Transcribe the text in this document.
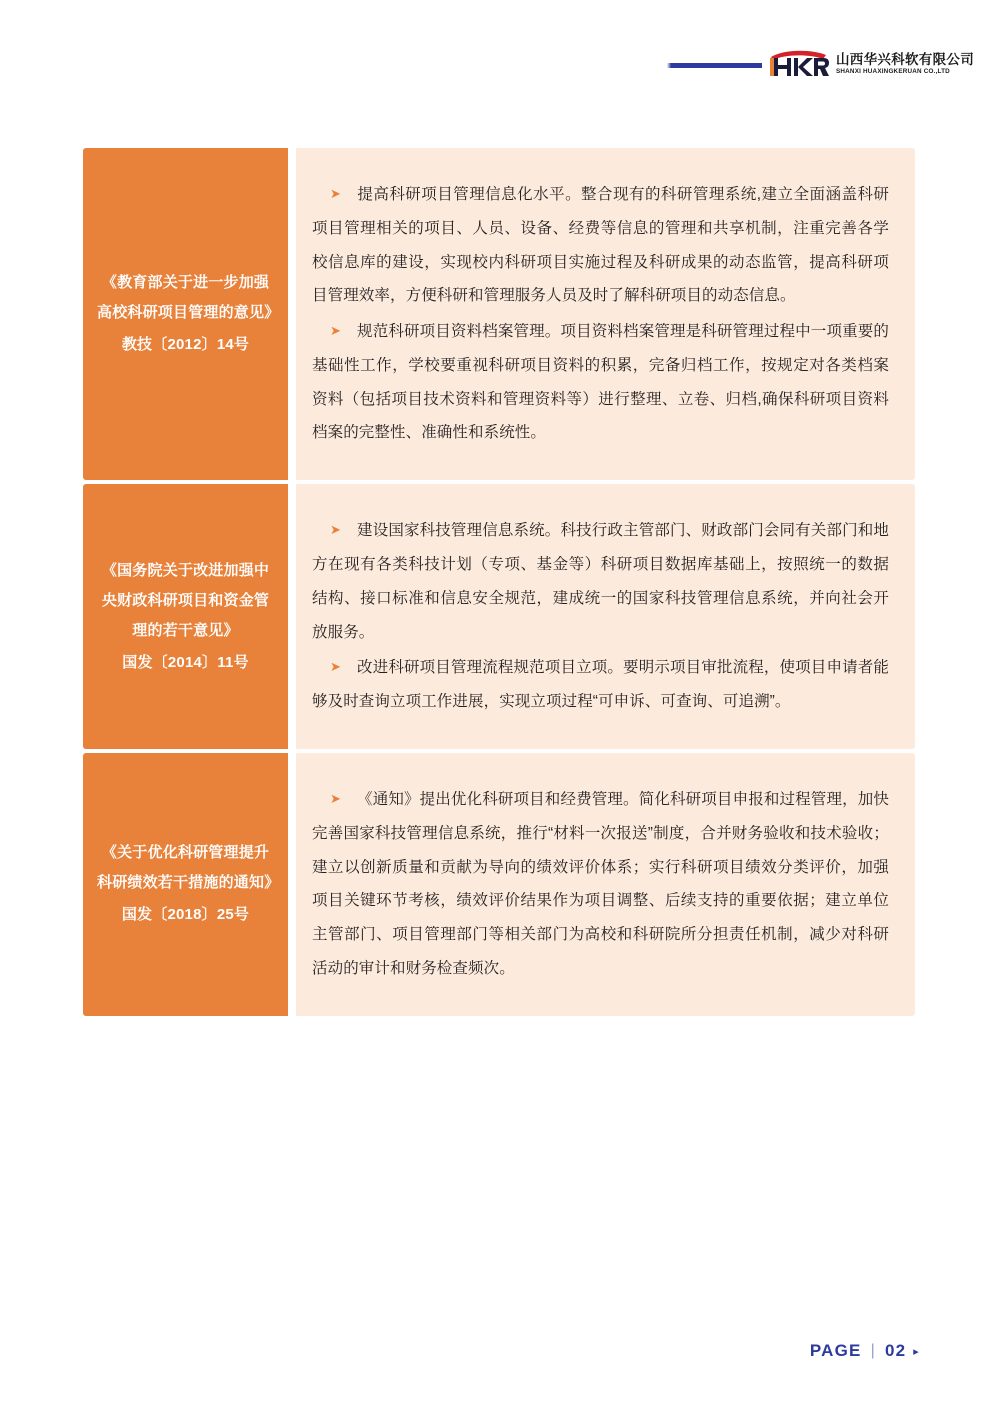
山西华兴科软有限公司
SHANXI HUAXINGKERUAN CO.,LTD
《教育部关于进一步加强高校科研项目管理的意见》
教技〔2012〕14号

➤ 提高科研项目管理信息化水平。整合现有的科研管理系统,建立全面涵盖科研项目管理相关的项目、人员、设备、经费等信息的管理和共享机制，注重完善各学校信息库的建设，实现校内科研项目实施过程及科研成果的动态监管，提高科研项目管理效率，方便科研和管理服务人员及时了解科研项目的动态信息。

➤ 规范科研项目资料档案管理。项目资料档案管理是科研管理过程中一项重要的基础性工作，学校要重视科研项目资料的积累，完备归档工作，按规定对各类档案资料（包括项目技术资料和管理资料等）进行整理、立卷、归档,确保科研项目资料档案的完整性、准确性和系统性。

《国务院关于改进加强中央财政科研项目和资金管理的若干意见》
国发〔2014〕11号

➤ 建设国家科技管理信息系统。科技行政主管部门、财政部门会同有关部门和地方在现有各类科技计划（专项、基金等）科研项目数据库基础上，按照统一的数据结构、接口标准和信息安全规范，建成统一的国家科技管理信息系统，并向社会开放服务。

➤ 改进科研项目管理流程规范项目立项。要明示项目审批流程，使项目申请者能够及时查询立项工作进展，实现立项过程“可申诉、可查询、可追溯”。

《关于优化科研管理提升科研绩效若干措施的通知》
国发〔2018〕25号

➤ 《通知》提出优化科研项目和经费管理。简化科研项目申报和过程管理，加快完善国家科技管理信息系统，推行“材料一次报送”制度，合并财务验收和技术验收；建立以创新质量和贡献为导向的绩效评价体系；实行科研项目绩效分类评价，加强项目关键环节考核，绩效评价结果作为项目调整、后续支持的重要依据；建立单位主管部门、项目管理部门等相关部门为高校和科研院所分担责任机制，减少对科研活动的审计和财务检查频次。

PAGE | 02 ▸
